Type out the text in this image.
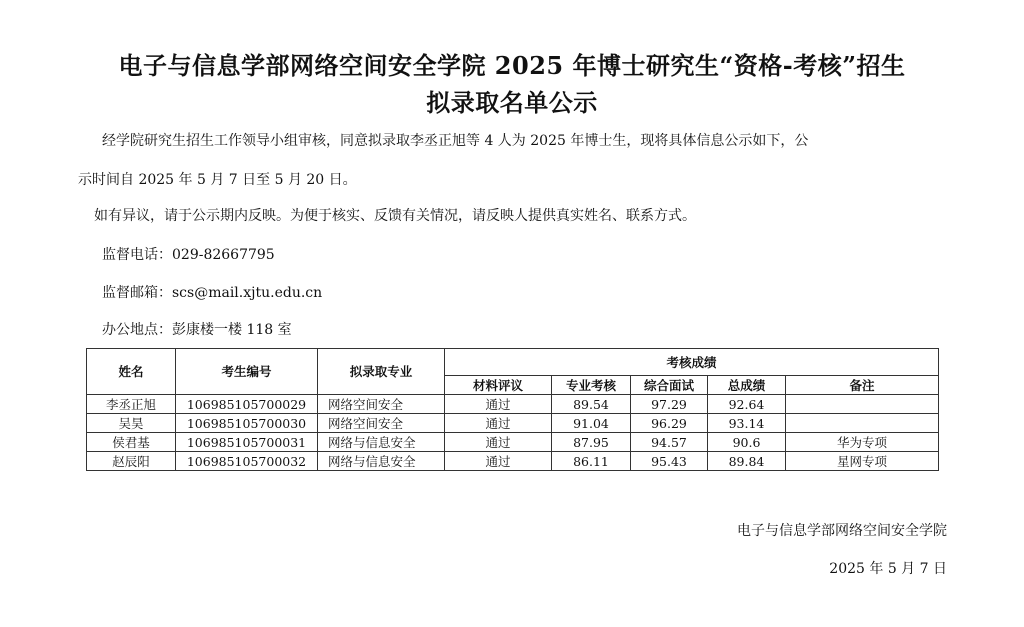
电子与信息学部网络空间安全学院 2025 年博士研究生“资格-考核”招生
拟录取名单公示
经学院研究生招生工作领导小组审核，同意拟录取李丞正旭等 4 人为 2025 年博士生，现将具体信息公示如下，公
示时间自 2025 年 5 月 7 日至 5 月 20 日。
如有异议，请于公示期内反映。为便于核实、反馈有关情况，请反映人提供真实姓名、联系方式。
监督电话：029-82667795
监督邮箱：scs@mail.xjtu.edu.cn
办公地点：彭康楼一楼 118 室
姓名	考生编号	拟录取专业	考核成绩				
			材料评议	专业考核	综合面试	总成绩	备注
李丞正旭	106985105700029	网络空间安全	通过	89.54	97.29	92.64	
吴昊	106985105700030	网络空间安全	通过	91.04	96.29	93.14	
侯君基	106985105700031	网络与信息安全	通过	87.95	94.57	90.6	华为专项
赵辰阳	106985105700032	网络与信息安全	通过	86.11	95.43	89.84	星网专项
电子与信息学部网络空间安全学院
2025 年 5 月 7 日
